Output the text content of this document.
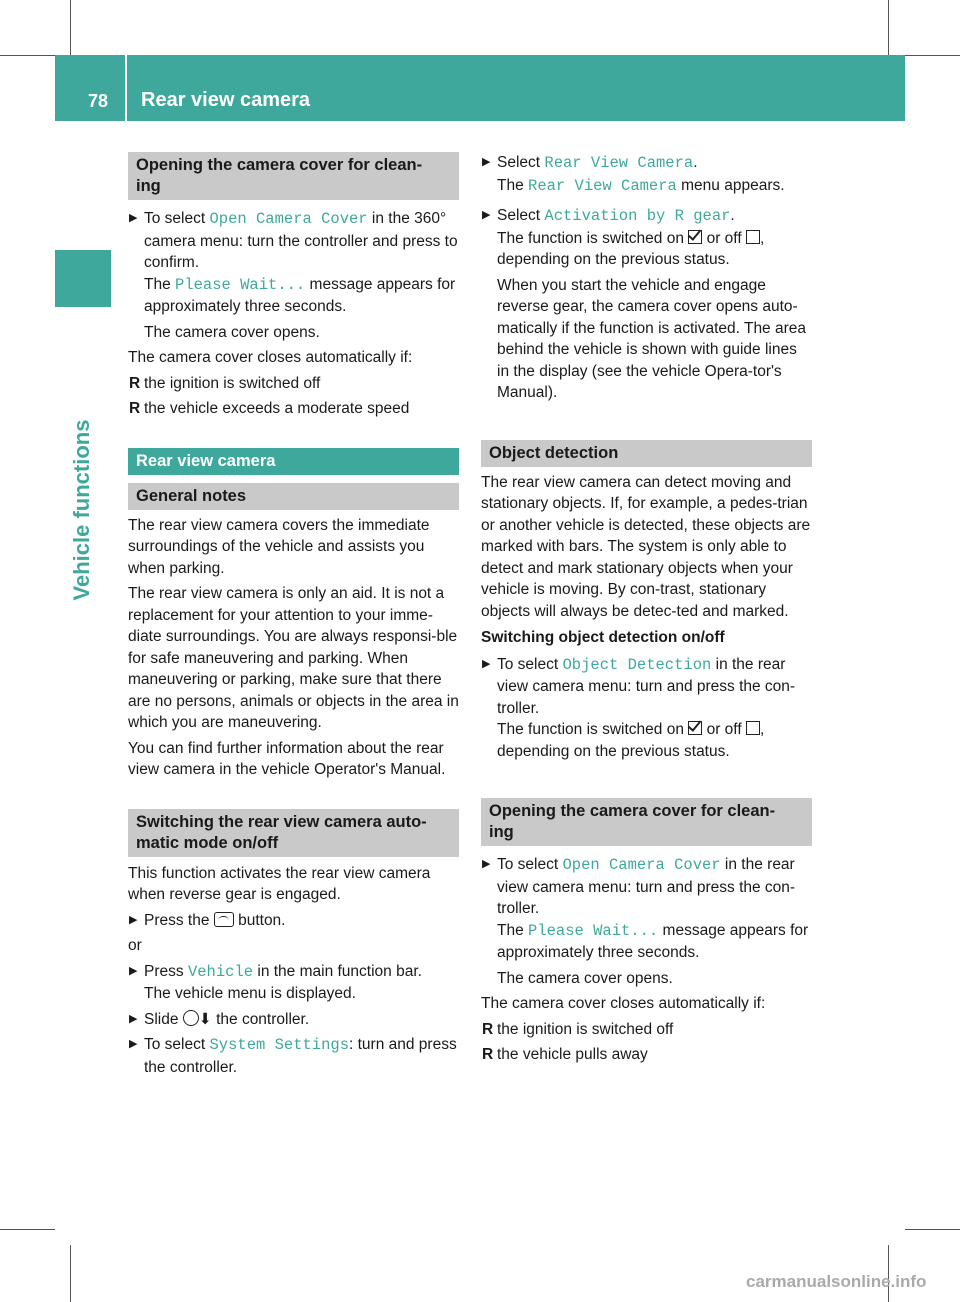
78 Rear view camera
Vehicle functions
Opening the camera cover for clean-
ing

▶ To select Open Camera Cover in the 360° camera menu: turn the controller and press to confirm.

The Please Wait... message appears for approximately three seconds.

The camera cover opens.

The camera cover closes automatically if:

R the ignition is switched off

R the vehicle exceeds a moderate speed

Rear view camera
General notes

The rear view camera covers the immediate surroundings of the vehicle and assists you when parking.

The rear view camera is only an aid. It is not a replacement for your attention to your imme-diate surroundings. You are always responsi-ble for safe maneuvering and parking. When maneuvering or parking, make sure that there are no persons, animals or objects in the area in which you are maneuvering.

You can find further information about the rear view camera in the vehicle Operator's Manual.

Switching the rear view camera auto-
matic mode on/off

This function activates the rear view camera when reverse gear is engaged.

▶ Press the  button.

or

▶ Press Vehicle in the main function bar.

The vehicle menu is displayed.

▶ Slide ⬇ the controller.

▶ To select System Settings: turn and press the controller.

▶ Select Rear View Camera.

The Rear View Camera menu appears.

▶ Select Activation by R gear.

The function is switched on  or off ,

depending on the previous status.

When you start the vehicle and engage reverse gear, the camera cover opens auto-matically if the function is activated. The area behind the vehicle is shown with guide lines in the display (see the vehicle Opera-tor's Manual).

Object detection

The rear view camera can detect moving and stationary objects. If, for example, a pedes-trian or another vehicle is detected, these objects are marked with bars. The system is only able to detect and mark stationary objects when your vehicle is moving. By con-trast, stationary objects will always be detec-ted and marked.

Switching object detection on/off

▶ To select Object Detection in the rear view camera menu: turn and press the con-troller.

The function is switched on  or off ,

depending on the previous status.

Opening the camera cover for clean-
ing

▶ To select Open Camera Cover in the rear view camera menu: turn and press the con-troller.

The Please Wait... message appears for approximately three seconds.

The camera cover opens.

The camera cover closes automatically if:

R the ignition is switched off

R the vehicle pulls away

carmanualsonline.info
